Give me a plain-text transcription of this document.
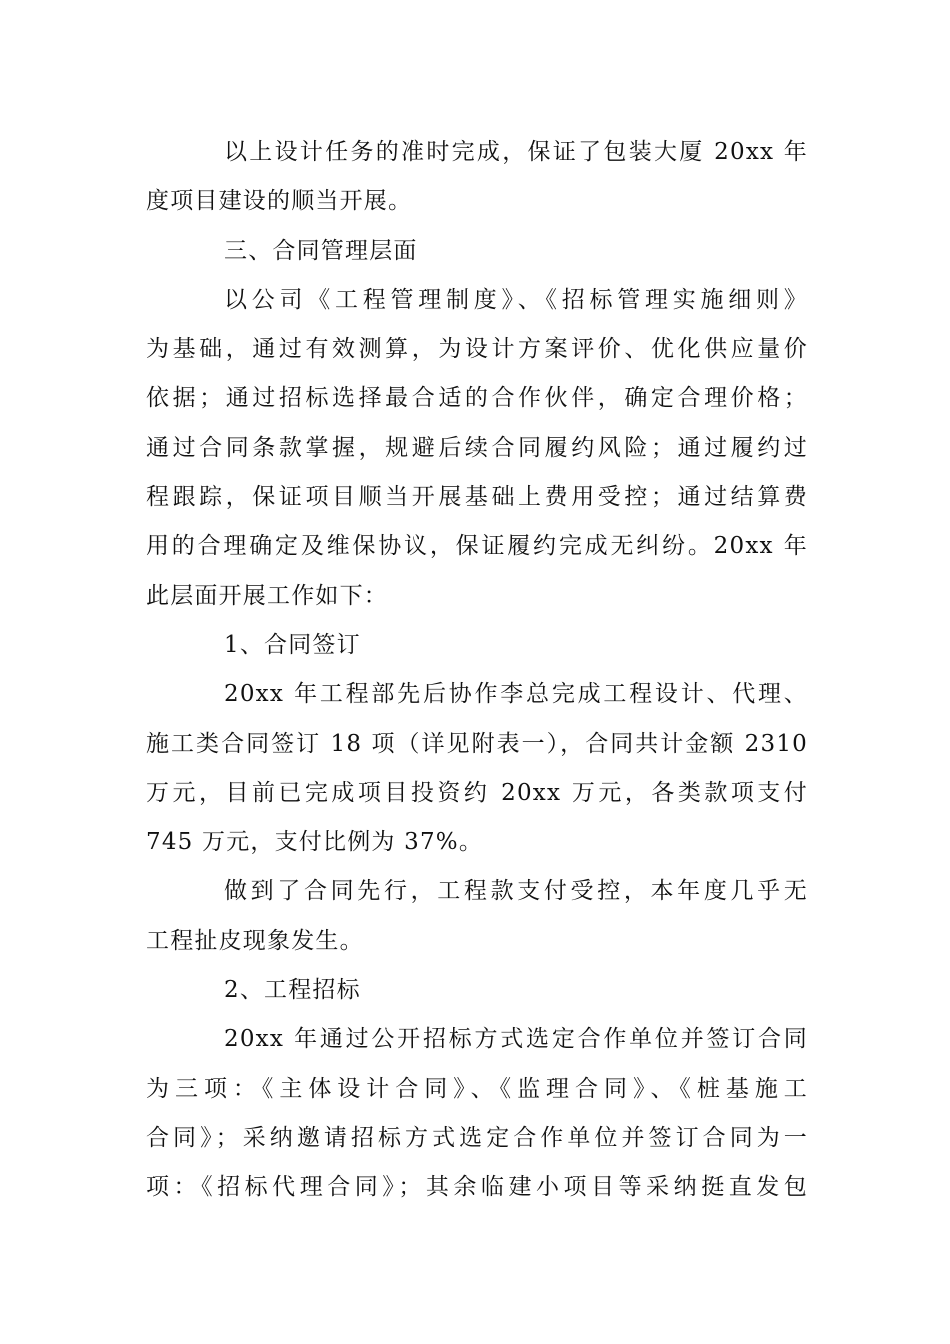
以上设计任务的准时完成，保证了包装大厦 20xx 年
度项目建设的顺当开展。
三、合同管理层面
以公司《工程管理制度》、《招标管理实施细则》
为基础，通过有效测算，为设计方案评价、优化供应量价
依据；通过招标选择最合适的合作伙伴，确定合理价格；
通过合同条款掌握，规避后续合同履约风险；通过履约过
程跟踪，保证项目顺当开展基础上费用受控；通过结算费
用的合理确定及维保协议，保证履约完成无纠纷。20xx 年
此层面开展工作如下：
1、合同签订
20xx 年工程部先后协作李总完成工程设计、代理、
施工类合同签订 18 项（详见附表一），合同共计金额 2310
万元，目前已完成项目投资约 20xx 万元，各类款项支付
745 万元，支付比例为 37%。
做到了合同先行，工程款支付受控，本年度几乎无
工程扯皮现象发生。
2、工程招标
20xx 年通过公开招标方式选定合作单位并签订合同
为三项：《主体设计合同》、《监理合同》、《桩基施工
合同》；采纳邀请招标方式选定合作单位并签订合同为一
项：《招标代理合同》；其余临建小项目等采纳挺直发包
